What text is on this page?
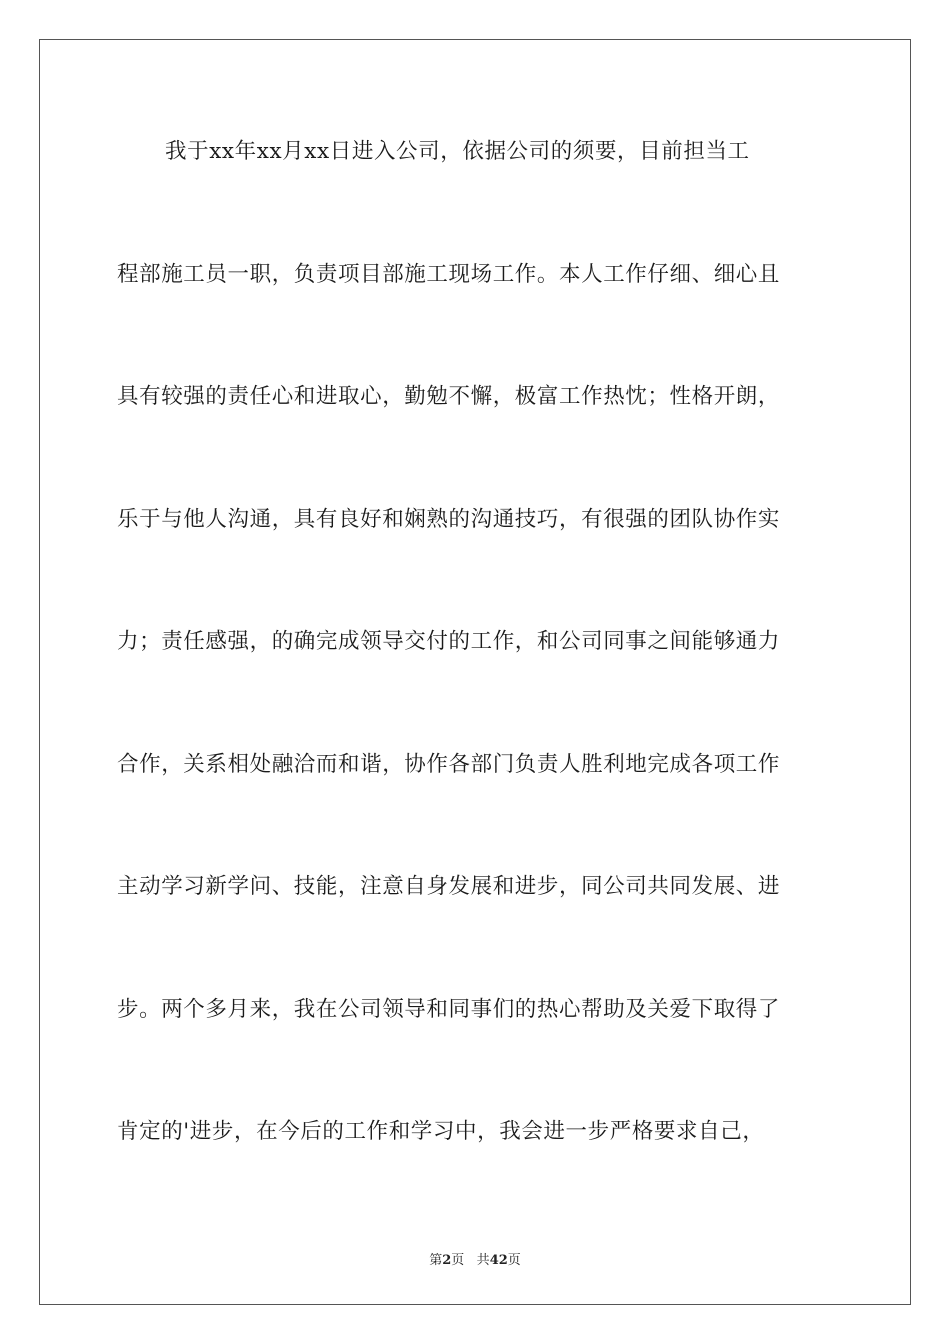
我于xx年xx月xx日进入公司，依据公司的须要，目前担当工
程部施工员一职，负责项目部施工现场工作。本人工作仔细、细心且
具有较强的责任心和进取心，勤勉不懈，极富工作热忱；性格开朗，
乐于与他人沟通，具有良好和娴熟的沟通技巧，有很强的团队协作实
力；责任感强，的确完成领导交付的工作，和公司同事之间能够通力
合作，关系相处融洽而和谐，协作各部门负责人胜利地完成各项工作
主动学习新学问、技能，注意自身发展和进步，同公司共同发展、进
步。两个多月来，我在公司领导和同事们的热心帮助及关爱下取得了
肯定的'进步，在今后的工作和学习中，我会进一步严格要求自己，
第2页 共42页
